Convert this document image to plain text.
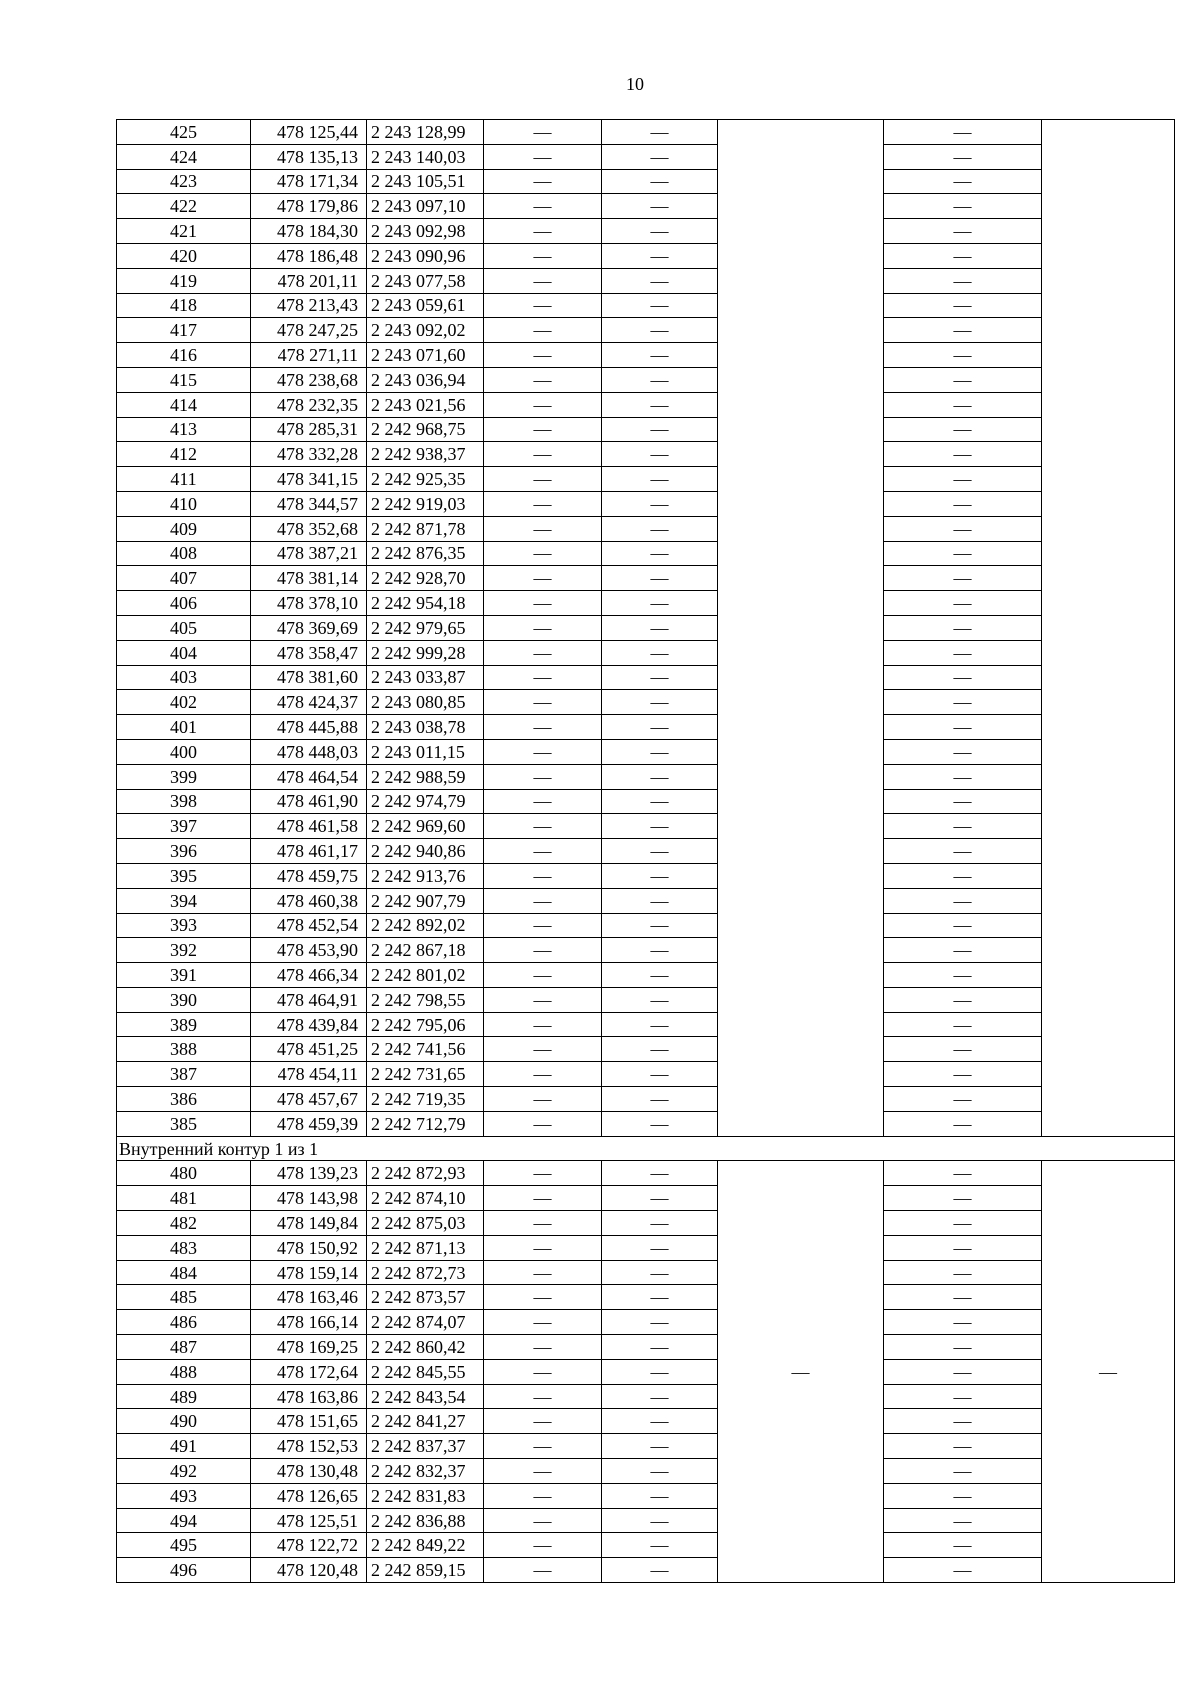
10
425	478 125,44	2 243 128,99	—	—		—	
424	478 135,13	2 243 140,03	—	—		—	
423	478 171,34	2 243 105,51	—	—		—	
422	478 179,86	2 243 097,10	—	—		—	
421	478 184,30	2 243 092,98	—	—		—	
420	478 186,48	2 243 090,96	—	—		—	
419	478 201,11	2 243 077,58	—	—		—	
418	478 213,43	2 243 059,61	—	—		—	
417	478 247,25	2 243 092,02	—	—		—	
416	478 271,11	2 243 071,60	—	—		—	
415	478 238,68	2 243 036,94	—	—		—	
414	478 232,35	2 243 021,56	—	—		—	
413	478 285,31	2 242 968,75	—	—		—	
412	478 332,28	2 242 938,37	—	—		—	
411	478 341,15	2 242 925,35	—	—		—	
410	478 344,57	2 242 919,03	—	—		—	
409	478 352,68	2 242 871,78	—	—		—	
408	478 387,21	2 242 876,35	—	—		—	
407	478 381,14	2 242 928,70	—	—		—	
406	478 378,10	2 242 954,18	—	—		—	
405	478 369,69	2 242 979,65	—	—		—	
404	478 358,47	2 242 999,28	—	—		—	
403	478 381,60	2 243 033,87	—	—		—	
402	478 424,37	2 243 080,85	—	—		—	
401	478 445,88	2 243 038,78	—	—		—	
400	478 448,03	2 243 011,15	—	—		—	
399	478 464,54	2 242 988,59	—	—		—	
398	478 461,90	2 242 974,79	—	—		—	
397	478 461,58	2 242 969,60	—	—		—	
396	478 461,17	2 242 940,86	—	—		—	
395	478 459,75	2 242 913,76	—	—		—	
394	478 460,38	2 242 907,79	—	—		—	
393	478 452,54	2 242 892,02	—	—		—	
392	478 453,90	2 242 867,18	—	—		—	
391	478 466,34	2 242 801,02	—	—		—	
390	478 464,91	2 242 798,55	—	—		—	
389	478 439,84	2 242 795,06	—	—		—	
388	478 451,25	2 242 741,56	—	—		—	
387	478 454,11	2 242 731,65	—	—		—	
386	478 457,67	2 242 719,35	—	—		—	
385	478 459,39	2 242 712,79	—	—		—	
Внутренний контур 1 из 1							
480	478 139,23	2 242 872,93	—	—	—	—	—
481	478 143,98	2 242 874,10	—	—		—	
482	478 149,84	2 242 875,03	—	—		—	
483	478 150,92	2 242 871,13	—	—		—	
484	478 159,14	2 242 872,73	—	—		—	
485	478 163,46	2 242 873,57	—	—		—	
486	478 166,14	2 242 874,07	—	—		—	
487	478 169,25	2 242 860,42	—	—		—	
488	478 172,64	2 242 845,55	—	—		—	
489	478 163,86	2 242 843,54	—	—		—	
490	478 151,65	2 242 841,27	—	—		—	
491	478 152,53	2 242 837,37	—	—		—	
492	478 130,48	2 242 832,37	—	—		—	
493	478 126,65	2 242 831,83	—	—		—	
494	478 125,51	2 242 836,88	—	—		—	
495	478 122,72	2 242 849,22	—	—		—	
496	478 120,48	2 242 859,15	—	—		—	
